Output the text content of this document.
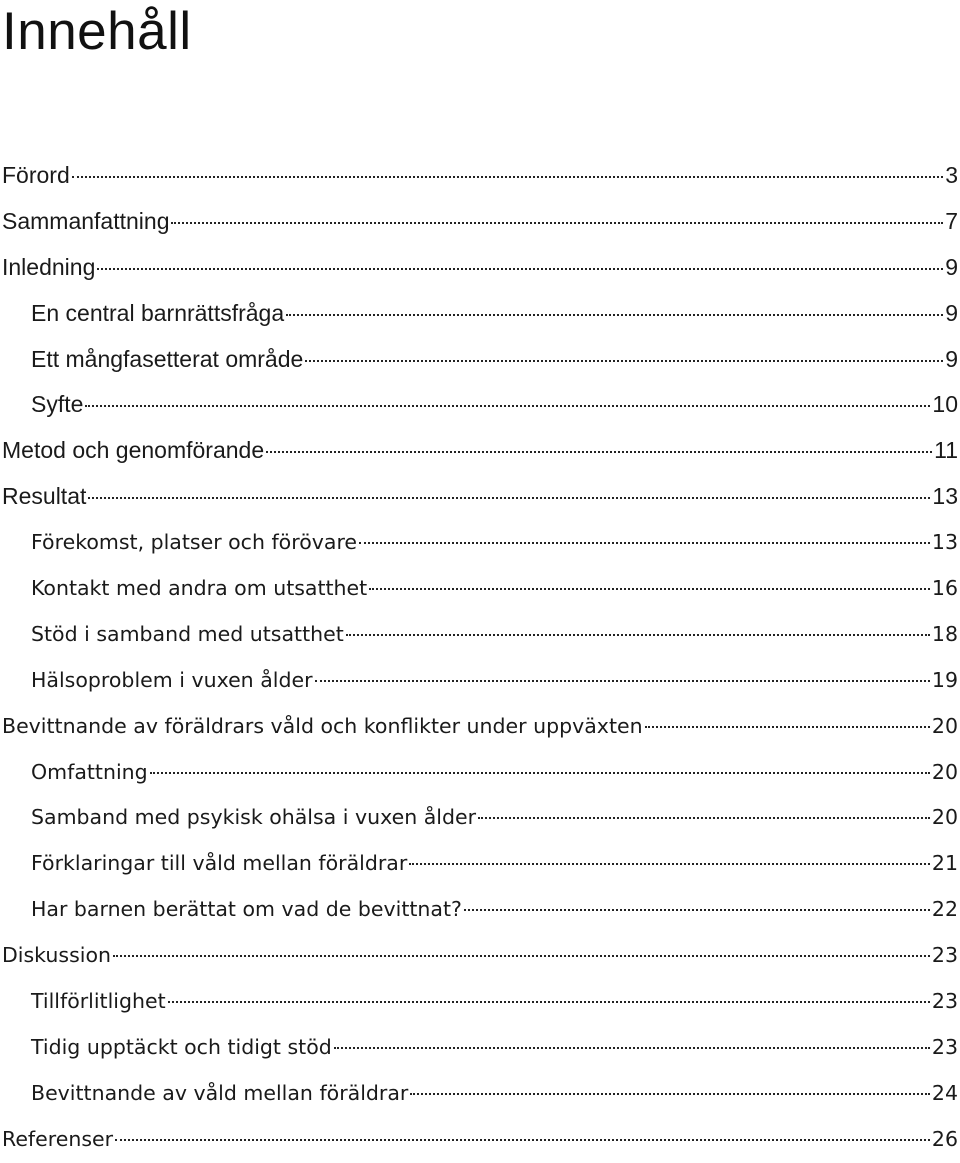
Innehåll
Förord	3
Sammanfattning	7
Inledning	9
En central barnrättsfråga	9
Ett mångfasetterat område	9
Syfte	10
Metod och genomförande	11
Resultat	13
Förekomst, platser och förövare	13
Kontakt med andra om utsatthet	16
Stöd i samband med utsatthet	18
Hälsoproblem i vuxen ålder	19
Bevittnande av föräldrars våld och konflikter under uppväxten	20
Omfattning	20
Samband med psykisk ohälsa i vuxen ålder	20
Förklaringar till våld mellan föräldrar	21
Har barnen berättat om vad de bevittnat?	22
Diskussion	23
Tillförlitlighet	23
Tidig upptäckt och tidigt stöd	23
Bevittnande av våld mellan föräldrar	24
Referenser	26
